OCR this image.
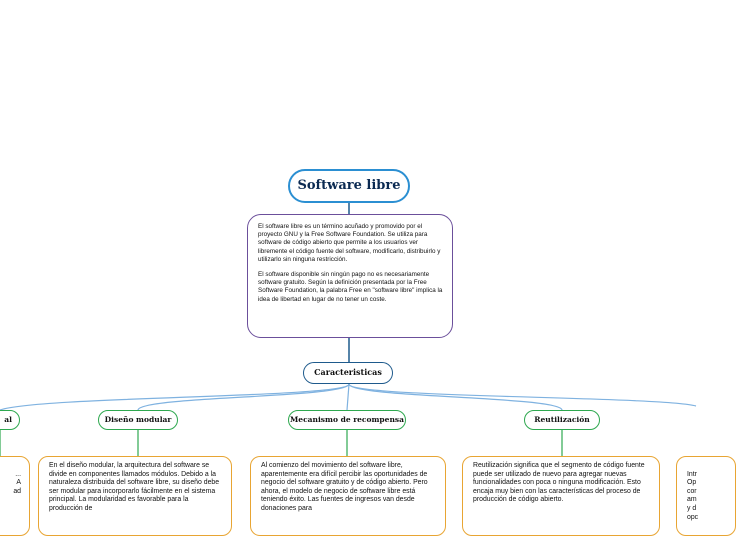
Software libre

El software libre es un término acuñado y promovido por el proyecto GNU y la Free Software Foundation. Se utiliza para software de código abierto que permite a los usuarios ver libremente el código fuente del software, modificarlo, distribuirlo y utilizarlo sin ninguna restricción.

El software disponible sin ningún pago no es necesariamente software gratuito. Según la definición presentada por la Free Software Foundation, la palabra Free en "software libre" implica la idea de libertad en lugar de no tener un coste.

Caracteristicas
al	Diseño modular	Mecanismo de recompensa	Reutilización

...
A
ad

En el diseño modular, la arquitectura del software se divide en componentes llamados módulos. Debido a la naturaleza distribuida del software libre, su diseño debe ser modular para incorporarlo fácilmente en el sistema principal. La modularidad es favorable para la producción de

Al comienzo del movimiento del software libre, aparentemente era difícil percibir las oportunidades de negocio del software gratuito y de código abierto. Pero ahora, el modelo de negocio de software libre está teniendo éxito. Las fuentes de ingresos van desde donaciones para

Reutilización significa que el segmento de código fuente puede ser utilizado de nuevo para agregar nuevas funcionalidades con poca o ninguna modificación. Esto encaja muy bien con las características del proceso de producción de código abierto.

Intr
Op
cor
am
y d
opc
